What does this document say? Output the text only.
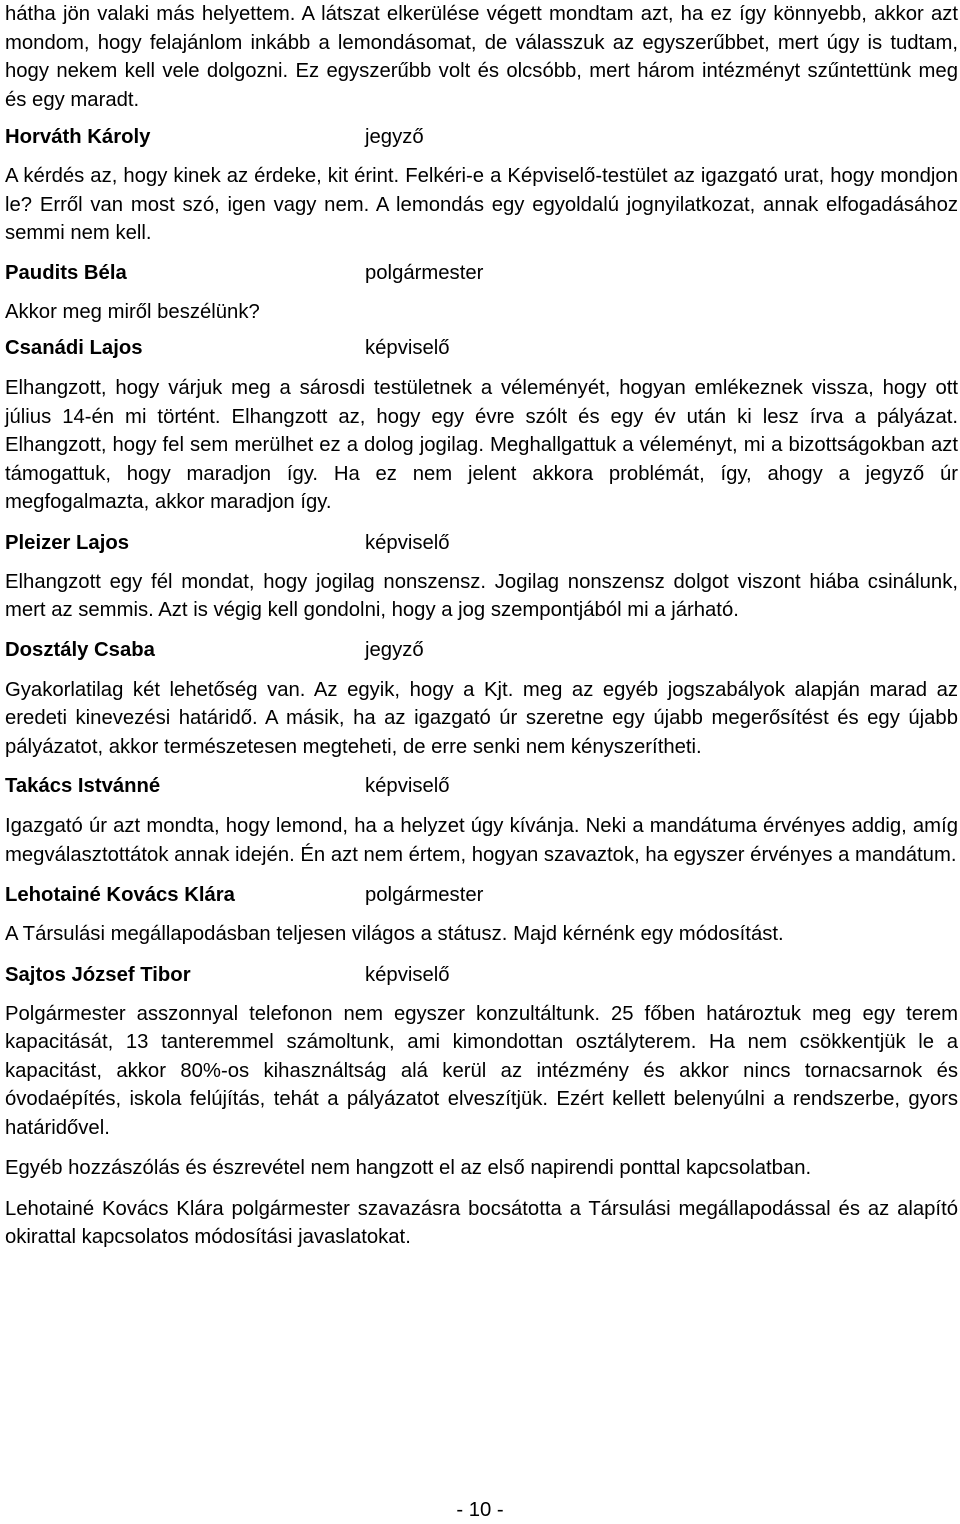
hátha jön valaki más helyettem. A látszat elkerülése végett mondtam azt, ha ez így könnyebb, akkor azt mondom, hogy felajánlom inkább a lemondásomat, de válasszuk az egyszerűbbet, mert úgy is tudtam, hogy nekem kell vele dolgozni. Ez egyszerűbb volt és olcsóbb, mert három intézményt szűntettünk meg és egy maradt.

Horváth Károly	jegyző

A kérdés az, hogy kinek az érdeke, kit érint. Felkéri-e a Képviselő-testület az igazgató urat, hogy mondjon le? Erről van most szó, igen vagy nem. A lemondás egy egyoldalú jognyilatkozat, annak elfogadásához semmi nem kell.

Paudits Béla	polgármester

Akkor meg miről beszélünk?

Csanádi Lajos	képviselő

Elhangzott, hogy várjuk meg a sárosdi testületnek a véleményét, hogyan emlékeznek vissza, hogy ott július 14-én mi történt. Elhangzott az, hogy egy évre szólt és egy év után ki lesz írva a pályázat. Elhangzott, hogy fel sem merülhet ez a dolog jogilag. Meghallgattuk a véleményt, mi a bizottságokban azt támogattuk, hogy maradjon így. Ha ez nem jelent akkora problémát, így, ahogy a jegyző úr megfogalmazta, akkor maradjon így.

Pleizer Lajos	képviselő

Elhangzott egy fél mondat, hogy jogilag nonszensz. Jogilag nonszensz dolgot viszont hiába csinálunk, mert az semmis. Azt is végig kell gondolni, hogy a jog szempontjából mi a járható.

Dosztály Csaba	jegyző

Gyakorlatilag két lehetőség van. Az egyik, hogy a Kjt. meg az egyéb jogszabályok alapján marad az eredeti kinevezési határidő. A másik, ha az igazgató úr szeretne egy újabb megerősítést és egy újabb pályázatot, akkor természetesen megteheti, de erre senki nem kényszerítheti.

Takács Istvánné	képviselő

Igazgató úr azt mondta, hogy lemond, ha a helyzet úgy kívánja. Neki a mandátuma érvényes addig, amíg megválasztottátok annak idején. Én azt nem értem, hogyan szavaztok, ha egyszer érvényes a mandátum.

Lehotainé Kovács Klára	polgármester

A Társulási megállapodásban teljesen világos a státusz. Majd kérnénk egy módosítást.

Sajtos József Tibor	képviselő

Polgármester asszonnyal telefonon nem egyszer konzultáltunk. 25 főben határoztuk meg egy terem kapacitását, 13 tanteremmel számoltunk, ami kimondottan osztályterem. Ha nem csökkentjük le a kapacitást, akkor 80%-os kihasználtság alá kerül az intézmény és akkor nincs tornacsarnok és óvodaépítés, iskola felújítás, tehát a pályázatot elveszítjük. Ezért kellett belenyúlni a rendszerbe, gyors határidővel.

Egyéb hozzászólás és észrevétel nem hangzott el az első napirendi ponttal kapcsolatban.

Lehotainé Kovács Klára polgármester szavazásra bocsátotta a Társulási megállapodással és az alapító okirattal kapcsolatos módosítási javaslatokat.

- 10 -
